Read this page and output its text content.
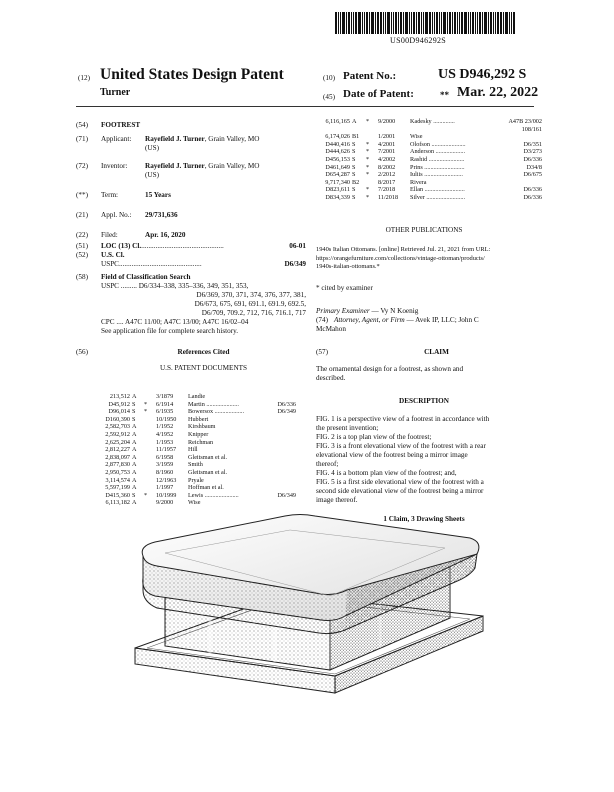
US00D946292S
(12) United States Design Patent
Turner
(10) Patent No.:	US D946,292 S
(45) Date of Patent:	** Mar. 22, 2022
(54)	FOOTREST
(71)	Applicant:	Rayefield J. Turner , Grain Valley, MO
(US)
(72)	Inventor:	Rayefield J. Turner , Grain Valley, MO
(US)
(**)	Term:	15 Years
(21)	Appl. No.:	29/731,636
(22)	Filed:	Apr. 16, 2020
(51)	LOC (13) Cl. ..............................................	06-01
(52)	U.S. Cl.
USPC ..............................................	D6/349
(58)	Field of Classification Search
USPC ......... D6/334–338, 335–336, 349, 351, 353,
D6/369, 370, 371, 374, 376, 377, 381,
D6/673, 675, 691, 691.1, 691.9, 692.5,
D6/709, 709.2, 712, 716, 716.1, 717
CPC .... A47C 11/00; A47C 13/00; A47C 16/02–04
See application file for complete search history.
(56)	References Cited
U.S. PATENT DOCUMENTS
213,512	A		3/1879	Landie	
D45,912	S	*	6/1914	Martin .....................	D6/336
D96,014	S	*	6/1935	Bowersox ...................	D6/349
D160,390	S		10/1950	Hubbert	
2,582,703	A		1/1952	Kirshbaum	
2,592,912	A		4/1952	Knipper	
2,625,204	A		1/1953	Reichman	
2,812,227	A		11/1957	Hill	
2,838,097	A		6/1958	Gleitsman et al.	
2,877,830	A		3/1959	Smith	
2,950,753	A		8/1960	Gleitsman et al.	
3,114,574	A		12/1963	Pryale	
5,597,199	A		1/1997	Hoffman et al.	
D415,360	S	*	10/1999	Lewis ......................	D6/349
6,113,182	A		9/2000	Wise	
6,116,165	A	*	9/2000	Kadesky ..............	A47B 23/002
					108/161
6,174,026	B1		1/2001	Wise	
D440,416	S	*	4/2001	Olofson ......................	D6/351
D444,626	S	*	7/2001	Anderson ...................	D3/273
D456,153	S	*	4/2002	Rashid .......................	D6/336
D461,649	S	*	8/2002	Prins ..........................	D34/8
D654,287	S	*	2/2012	Iuliis .........................	D6/675
9,717,340	B2		8/2017	Rivera	
D823,611	S	*	7/2018	Ellan ..........................	D6/336
D834,339	S	*	11/2018	Silver .........................	D6/336
OTHER PUBLICATIONS
1940s Italian Ottomans. [online] Retrieved Jul. 21, 2021 from URL:
https://orangefurniture.com/collections/vintage-ottoman/products/
1940s-italian-ottomans.*
* cited by examiner
Primary Examiner — Vy N Koenig
(74) Attorney, Agent, or Firm — Avek IP, LLC; John C
McMahon
(57)	CLAIM
The ornamental design for a footrest, as shown and
described.
DESCRIPTION
FIG. 1 is a perspective view of a footrest in accordance with
the present invention;
FIG. 2 is a top plan view of the footrest;
FIG. 3 is a front elevational view of the footrest with a rear
elevational view of the footrest being a mirror image
thereof;
FIG. 4 is a bottom plan view of the footrest; and,
FIG. 5 is a first side elevational view of the footrest with a
second side elevational view of the footrest being a mirror
image thereof.
1 Claim, 3 Drawing Sheets
